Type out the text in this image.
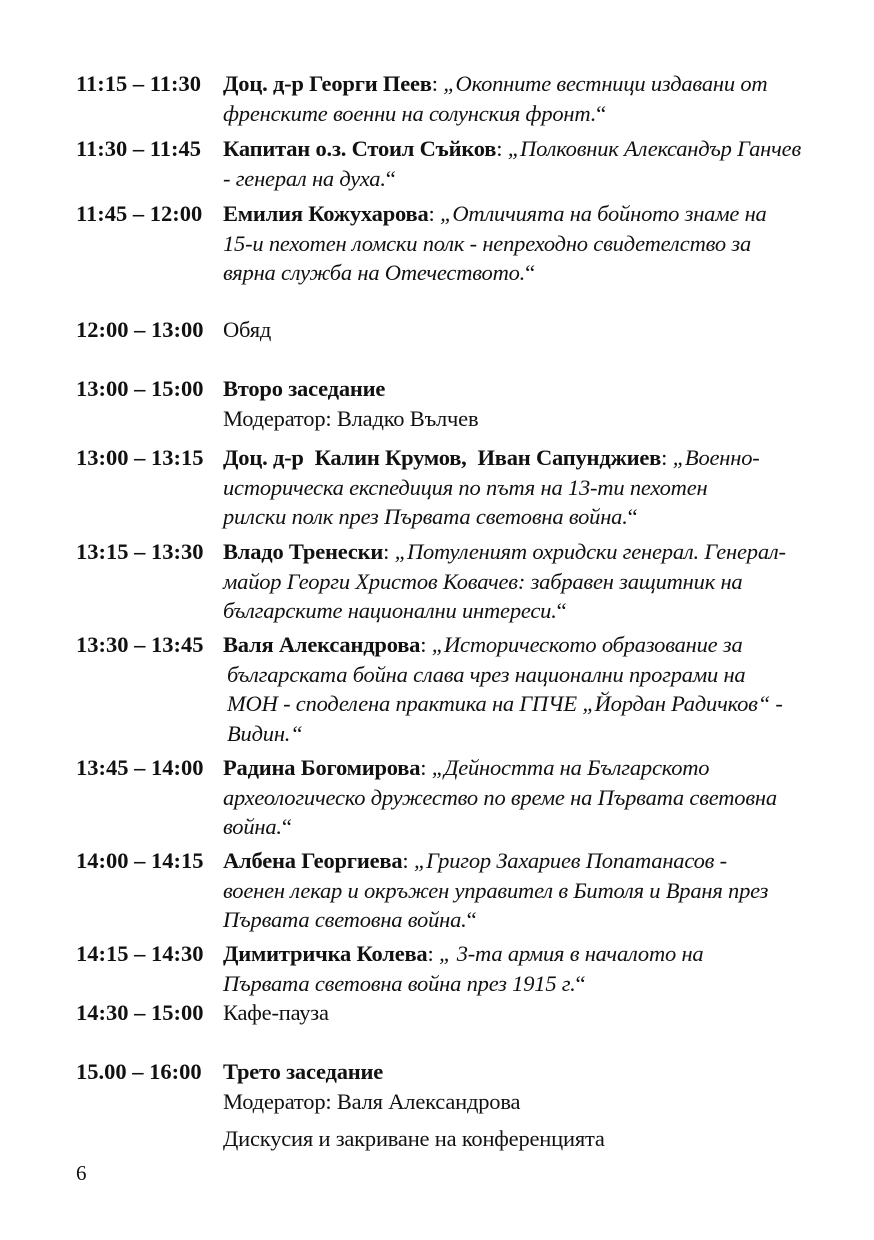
11:15 – 11:30 Доц. д-р Георги Пеев: „Окопните вестници издавани от
френските военни на солунския фронт.“
11:30 – 11:45 Капитан о.з. Стоил Съйков: „Полковник Александър Ганчев
- генерал на духа.“
11:45 – 12:00 Емилия Кожухарова: „Отличията на бойното знаме на
15-и пехотен ломски полк - непреходно свидетелство за
вярна служба на Отечеството.“
12:00 – 13:00 Обяд
13:00 – 15:00 Второ заседание
Модератор: Владко Вълчев
13:00 – 13:15 Доц. д-р  Калин Крумов,  Иван Сапунджиев: „Военно-
историческа експедиция по пътя на 13-ти пехотен
рилски полк през Първата световна война.“
13:15 – 13:30 Владо Тренески: „Потуленият охридски генерал. Генерал-
майор Георги Христов Ковачев: забравен защитник на
българските национални интереси.“
13:30 – 13:45 Валя Александрова: „Историческото образование за
българската бойна слава чрез национални програми на
МОН - споделена практика на ГПЧЕ „Йордан Радичков“ -
Видин.“
13:45 – 14:00 Радина Богомирова: „Дейността на Българското
археологическо дружество по време на Първата световна
война.“
14:00 – 14:15 Албена Георгиева: „Григор Захариев Попатанасов -
военен лекар и окръжен управител в Битоля и Враня през
Първата световна война.“
14:15 – 14:30 Димитричка Колева: „ 3-та армия в началото на
Първата световна война през 1915 г.“
14:30 – 15:00 Кафе-пауза
15.00 – 16:00 Трето заседание
Модератор: Валя Александрова
Дискусия и закриване на конференцията
6
